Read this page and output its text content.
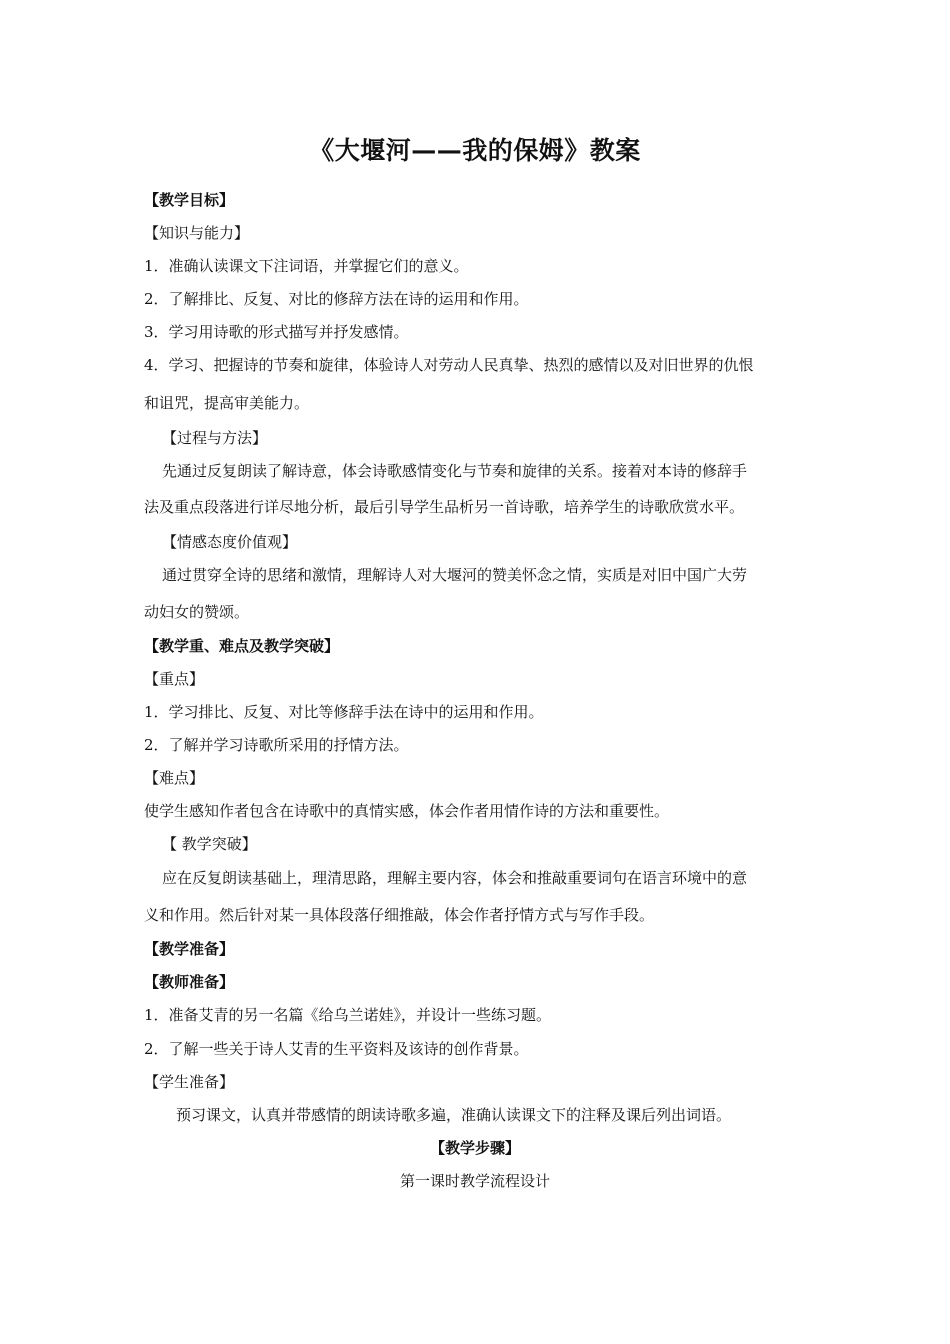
《大堰河——我的保姆》教案
【教学目标】
【知识与能力】
1．准确认读课文下注词语，并掌握它们的意义。
2．了解排比、反复、对比的修辞方法在诗的运用和作用。
3．学习用诗歌的形式描写并抒发感情。
4．学习、把握诗的节奏和旋律，体验诗人对劳动人民真挚、热烈的感情以及对旧世界的仇恨
和诅咒，提高审美能力。
【过程与方法】
先通过反复朗读了解诗意，体会诗歌感情变化与节奏和旋律的关系。接着对本诗的修辞手
法及重点段落进行详尽地分析，最后引导学生品析另一首诗歌，培养学生的诗歌欣赏水平。
【情感态度价值观】
通过贯穿全诗的思绪和激情，理解诗人对大堰河的赞美怀念之情，实质是对旧中国广大劳
动妇女的赞颂。
【教学重、难点及教学突破】
【重点】
1．学习排比、反复、对比等修辞手法在诗中的运用和作用。
2．了解并学习诗歌所采用的抒情方法。
【难点】
使学生感知作者包含在诗歌中的真情实感，体会作者用情作诗的方法和重要性。
【 教学突破】
应在反复朗读基础上，理清思路，理解主要内容，体会和推敲重要词句在语言环境中的意
义和作用。然后针对某一具体段落仔细推敲，体会作者抒情方式与写作手段。
【教学准备】
【教师准备】
1．准备艾青的另一名篇《给乌兰诺娃》，并设计一些练习题。
2．了解一些关于诗人艾青的生平资料及该诗的创作背景。
【学生准备】
预习课文，认真并带感情的朗读诗歌多遍，准确认读课文下的注释及课后列出词语。
【教学步骤】
第一课时教学流程设计
